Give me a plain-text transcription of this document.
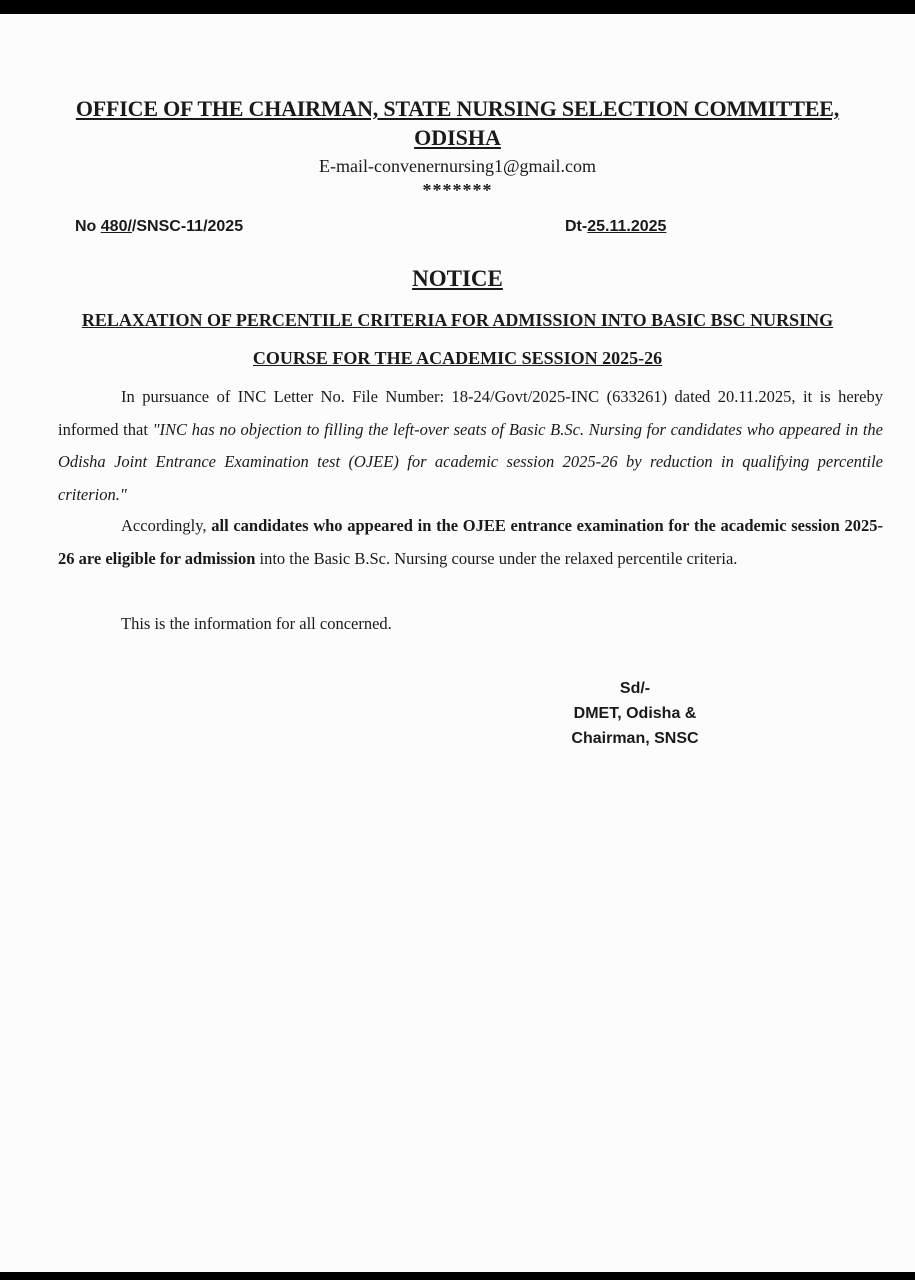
OFFICE OF THE CHAIRMAN, STATE NURSING SELECTION COMMITTEE,
ODISHA
E-mail-convenernursing1@gmail.com
*******
No 480//SNSC-11/2025	Dt-25.11.2025
NOTICE
RELAXATION OF PERCENTILE CRITERIA FOR ADMISSION INTO BASIC BSC NURSING
COURSE FOR THE ACADEMIC SESSION 2025-26
In pursuance of INC Letter No. File Number: 18-24/Govt/2025-INC (633261) dated 20.11.2025, it is hereby informed that "INC has no objection to filling the left-over seats of Basic B.Sc. Nursing for candidates who appeared in the Odisha Joint Entrance Examination test (OJEE) for academic session 2025-26 by reduction in qualifying percentile criterion."
Accordingly, all candidates who appeared in the OJEE entrance examination for the academic session 2025-26 are eligible for admission into the Basic B.Sc. Nursing course under the relaxed percentile criteria.
This is the information for all concerned.
Sd/-
DMET, Odisha &
Chairman, SNSC
